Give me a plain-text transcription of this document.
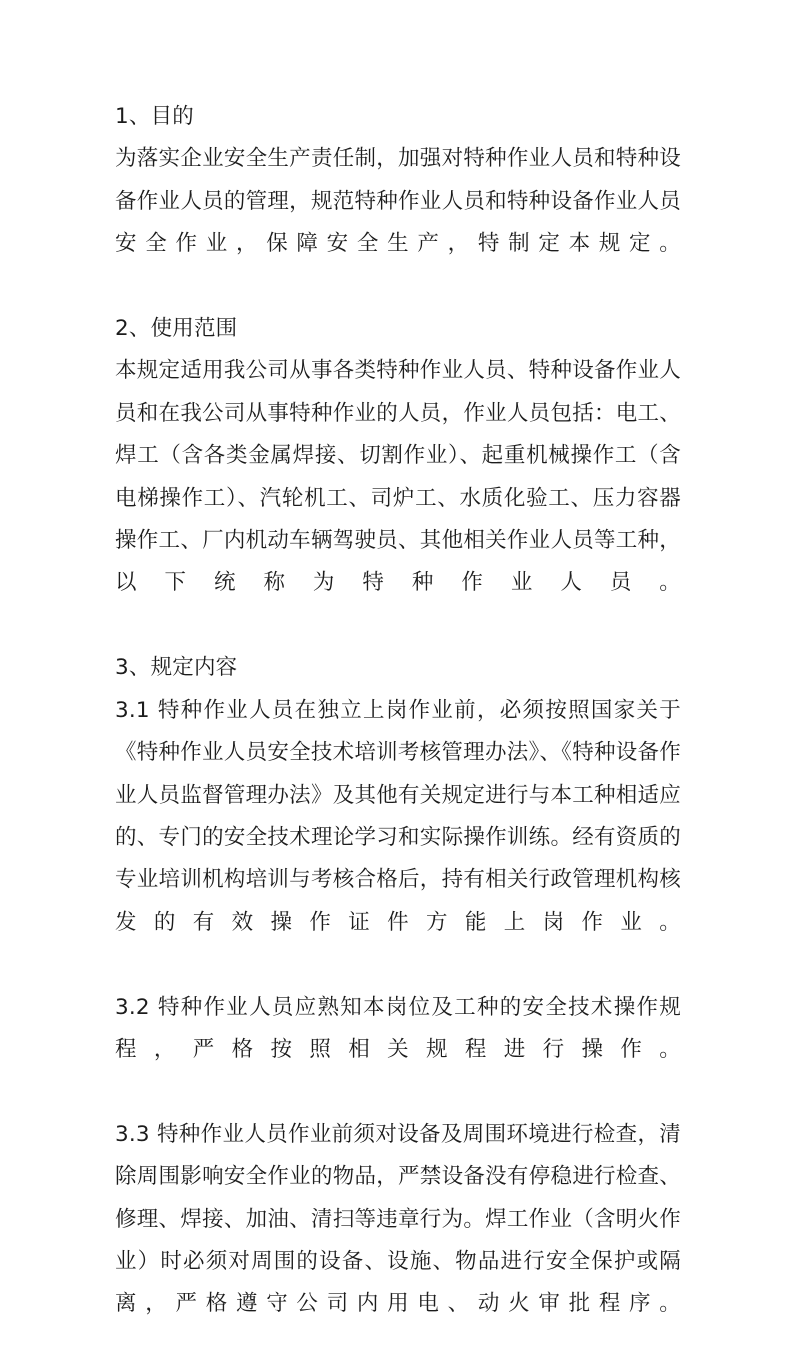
1、目的

为落实企业安全生产责任制，加强对特种作业人员和特种设备作业人员的管理，规范特种作业人员和特种设备作业人员安全作业，保障安全生产，特制定本规定。

2、使用范围

本规定适用我公司从事各类特种作业人员、特种设备作业人员和在我公司从事特种作业的人员，作业人员包括：电工、焊工（含各类金属焊接、切割作业）、起重机械操作工（含电梯操作工）、汽轮机工、司炉工、水质化验工、压力容器操作工、厂内机动车辆驾驶员、其他相关作业人员等工种，以下统称为特种作业人员。

3、规定内容

3.1 特种作业人员在独立上岗作业前，必须按照国家关于《特种作业人员安全技术培训考核管理办法》、《特种设备作业人员监督管理办法》及其他有关规定进行与本工种相适应的、专门的安全技术理论学习和实际操作训练。经有资质的专业培训机构培训与考核合格后，持有相关行政管理机构核发的有效操作证件方能上岗作业。

3.2 特种作业人员应熟知本岗位及工种的安全技术操作规程，严格按照相关规程进行操作。

3.3 特种作业人员作业前须对设备及周围环境进行检查，清除周围影响安全作业的物品，严禁设备没有停稳进行检查、修理、焊接、加油、清扫等违章行为。焊工作业（含明火作业）时必须对周围的设备、设施、物品进行安全保护或隔离，严格遵守公司内用电、动火审批程序。
